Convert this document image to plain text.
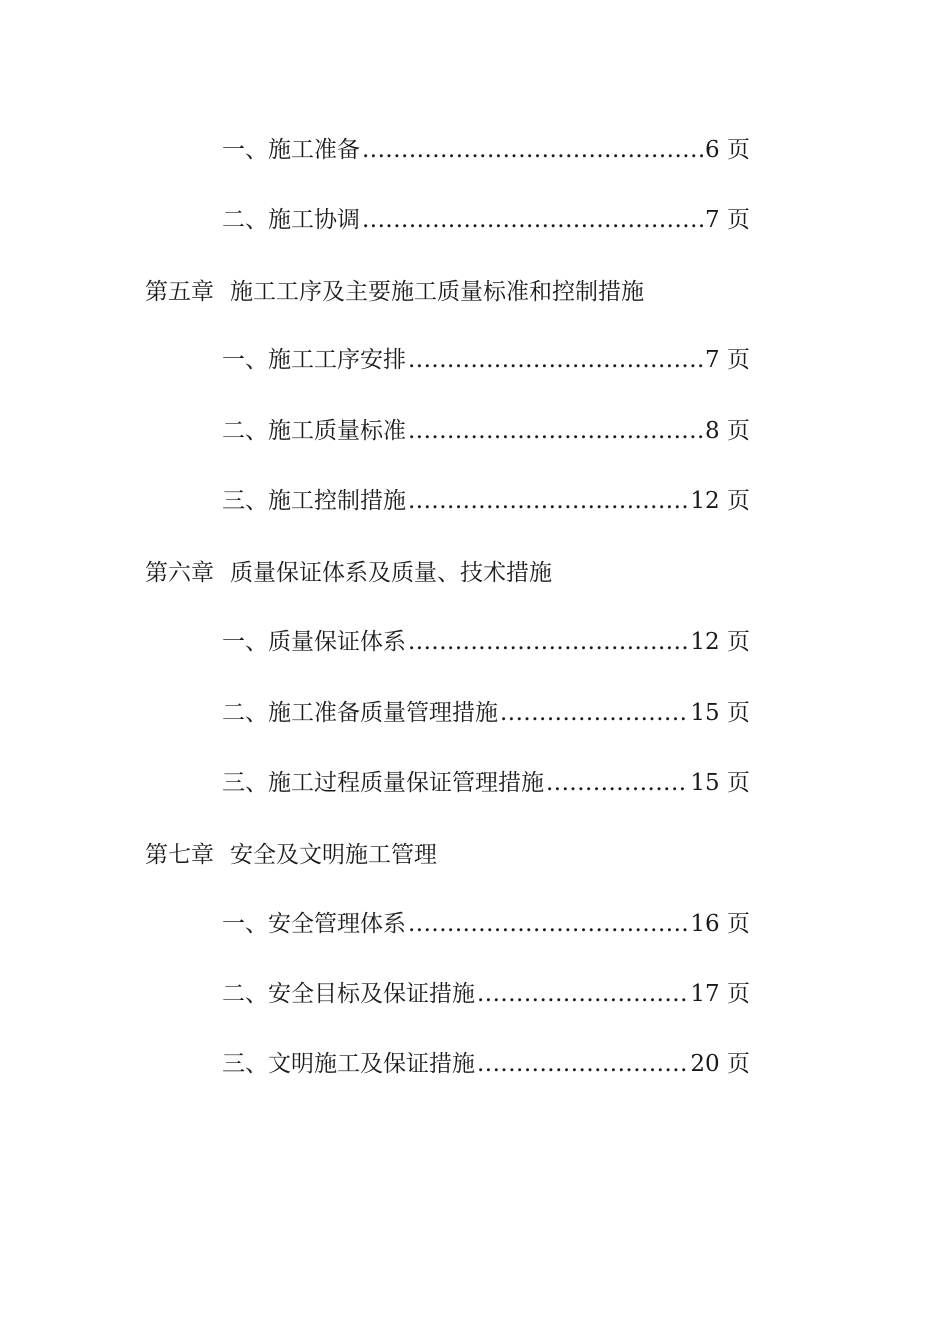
一、施工准备 .....	6 页
二、施工协调 .....	7 页
第五章 施工工序及主要施工质量标准和控制措施
一、施工工序安排 .....	7 页
二、施工质量标准 .....	8 页
三、施工控制措施 .....	12 页
第六章 质量保证体系及质量、技术措施
一、质量保证体系 .....	12 页
二、施工准备质量管理措施 .....	15 页
三、施工过程质量保证管理措施 .....	15 页
第七章 安全及文明施工管理
一、安全管理体系 .....	16 页
二、安全目标及保证措施 .....	17 页
三、文明施工及保证措施 .....	20 页
